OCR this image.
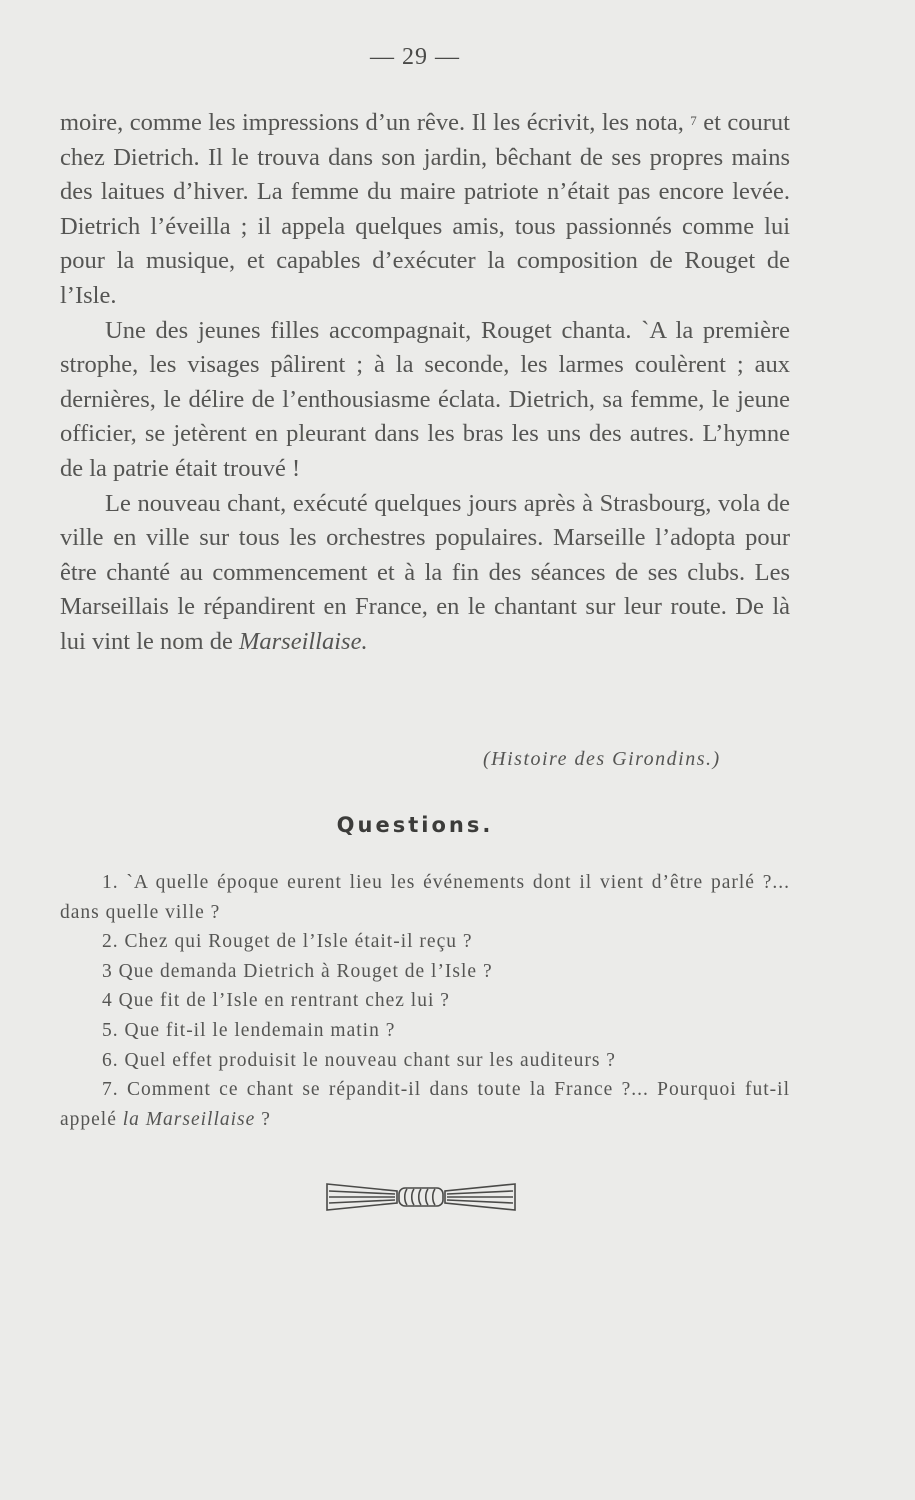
— 29 —

moire, comme les impressions d’un rêve. Il les écrivit, les nota, $^7$ et courut chez Dietrich. Il le trouva dans son jardin, bêchant de ses propres mains des laitues d’hiver. La femme du maire patriote n’était pas encore levée. Dietrich l’éveilla ; il appela quelques amis, tous passionnés comme lui pour la musique, et capables d’exécuter la composition de Rouget de l’Isle.

Une des jeunes filles accompagnait, Rouget chanta. `A la première strophe, les visages pâlirent ; à la seconde, les larmes coulèrent ; aux dernières, le délire de l’enthousiasme éclata. Dietrich, sa femme, le jeune officier, se jetèrent en pleurant dans les bras les uns des autres. L’hymne de la patrie était trouvé !

Le nouveau chant, exécuté quelques jours après à Strasbourg, vola de ville en ville sur tous les orchestres populaires. Marseille l’adopta pour être chanté au commencement et à la fin des séances de ses clubs. Les Marseillais le répandirent en France, en le chantant sur leur route. De là lui vint le nom de Marseillaise.

(Histoire des Girondins.)
Questions.

1. `A quelle époque eurent lieu les événements dont il vient d’être parlé ?... dans quelle ville ?

2. Chez qui Rouget de l’Isle était-il reçu ?

3 Que demanda Dietrich à Rouget de l’Isle ?

4 Que fit de l’Isle en rentrant chez lui ?

5. Que fit-il le lendemain matin ?

6. Quel effet produisit le nouveau chant sur les auditeurs ?

7. Comment ce chant se répandit-il dans toute la France ?... Pourquoi fut-il appelé la Marseillaise ?
